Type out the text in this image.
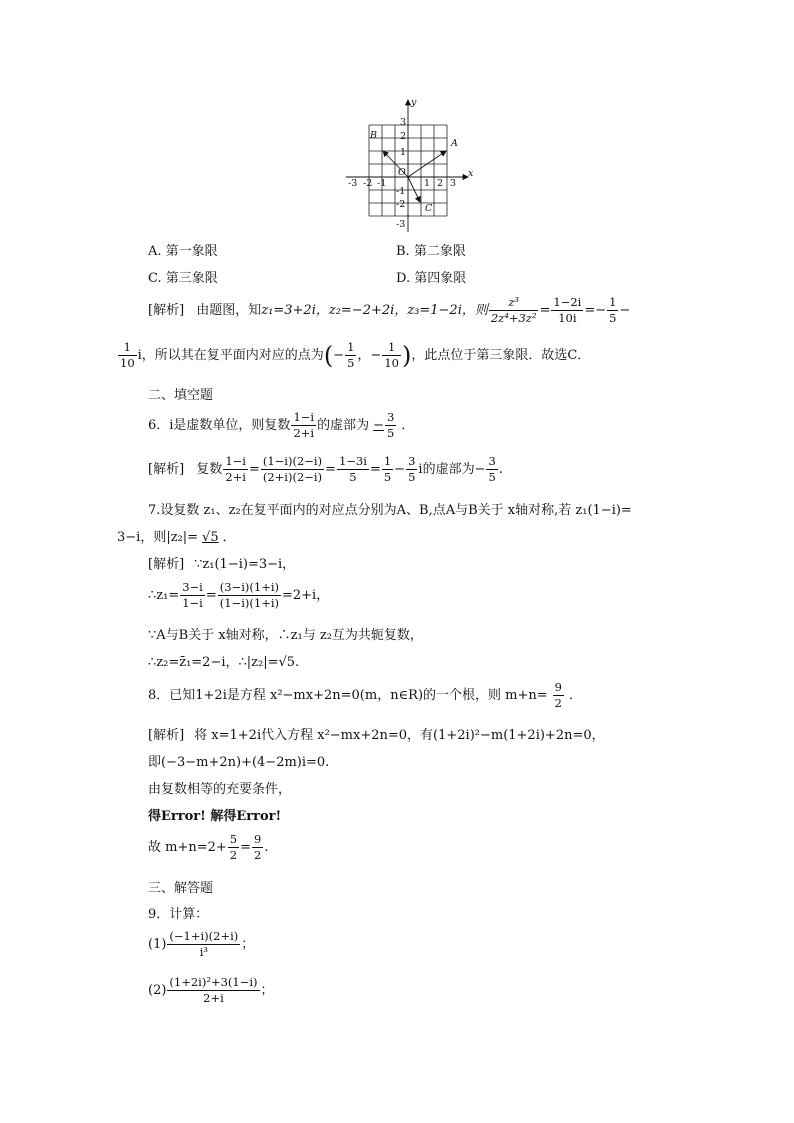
y
x
O
-3 -2 -1	1 2 3
3
2
1
-1
-2
-3
A
B
C
A. 第一象限	B. 第二象限
C. 第三象限	D. 第四象限
[解析] 由题图，知z₁=3+2i，z₂=−2+2i，z₃=1−2i，则 $\frac{\text{z³}}{\text{2z⁴+3z²}} = \frac{1-2i}{10i} =- \frac{1}{5}$ −
$\frac{1}{10}$ i，所以其在复平面内对应的点为(− $\frac{1}{5}$ ，− $\frac{1}{10}$ )，此点位于第三象限．故选C．
二、填空题
6．i是虚数单位，则复数 $\frac{1-i}{2+i}$ 的虚部为 − $\frac{3}{5}$ ．
[解析] 复数 $\frac{1-i}{2+i} = \frac{(1-i)(2-i)}{(2+i)(2-i)} = \frac{1-3i}{5} = \frac{1}{5} - \frac{3}{5}$ i的虚部为− $\frac{3}{5}$ .
7.设复数 z₁、z₂在复平面内的对应点分别为A、B,点A与B关于 x轴对称,若 z₁(1−i)=
3−i，则|z₂|= √5 ．
[解析] ∵z₁(1−i)=3−i，
∴z₁= $\frac{3-i}{1-i} = \frac{(3-i)(1+i)}{(1-i)(1+i)} =2+i$，
∵A与B关于 x轴对称，∴z₁与 z₂互为共轭复数，
∴z₂=z̄₁=2−i，∴|z₂|=√5.
8．已知1+2i是方程 x²−mx+2n=0(m，n∈R)的一个根，则 $m+n= \frac{9}{2}$ ．
[解析] 将 x=1+2i代入方程 x²−mx+2n=0，有(1+2i)²−m(1+2i)+2n=0，
即(−3−m+2n)+(4−2m)i=0.
由复数相等的充要条件，
得Error! 解得Error!
故 $m+n=2+ \frac{5}{2} = \frac{9}{2}$ .
三、解答题
9．计算：
$(1) \frac{(-1+i)(2+i)}{\text{i³}}$ ；
$(2) \frac{\text{(1+2i)²+3(1−i)}}{2+i}$ ；
